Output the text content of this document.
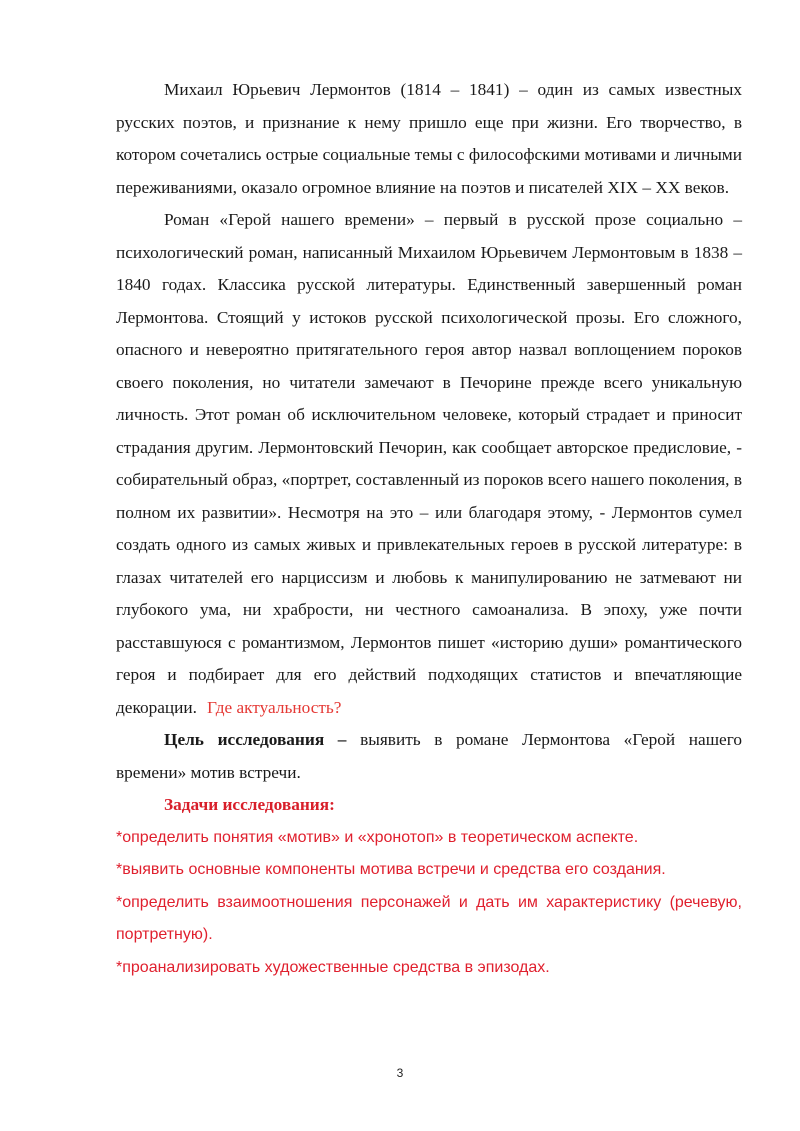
Михаил Юрьевич Лермонтов (1814 – 1841) – один из самых известных русских поэтов, и признание к нему пришло еще при жизни. Его творчество, в котором сочетались острые социальные темы с философскими мотивами и личными переживаниями, оказало огромное влияние на поэтов и писателей XIX – XX веков.

Роман «Герой нашего времени» – первый в русской прозе социально – психологический роман, написанный Михаилом Юрьевичем Лермонтовым в 1838 – 1840 годах. Классика русской литературы. Единственный завершенный роман Лермонтова. Стоящий у истоков русской психологической прозы. Его сложного, опасного и невероятно притягательного героя автор назвал воплощением пороков своего поколения, но читатели замечают в Печорине прежде всего уникальную личность. Этот роман об исключительном человеке, который страдает и приносит страдания другим. Лермонтовский Печорин, как сообщает авторское предисловие, - собирательный образ, «портрет, составленный из пороков всего нашего поколения, в полном их развитии». Несмотря на это – или благодаря этому, - Лермонтов сумел создать одного из самых живых и привлекательных героев в русской литературе: в глазах читателей его нарциссизм и любовь к манипулированию не затмевают ни глубокого ума, ни храбрости, ни честного самоанализа. В эпоху, уже почти расставшуюся с романтизмом, Лермонтов пишет «историю души» романтического героя и подбирает для его действий подходящих статистов и впечатляющие декорации. Где актуальность?

Цель исследования – выявить в романе Лермонтова «Герой нашего времени» мотив встречи.

Задачи исследования:
*определить понятия «мотив» и «хронотоп» в теоретическом аспекте.
*выявить основные компоненты мотива встречи и средства его создания.
*определить взаимоотношения персонажей и дать им характеристику (речевую, портретную).
*проанализировать художественные средства в эпизодах.
3
